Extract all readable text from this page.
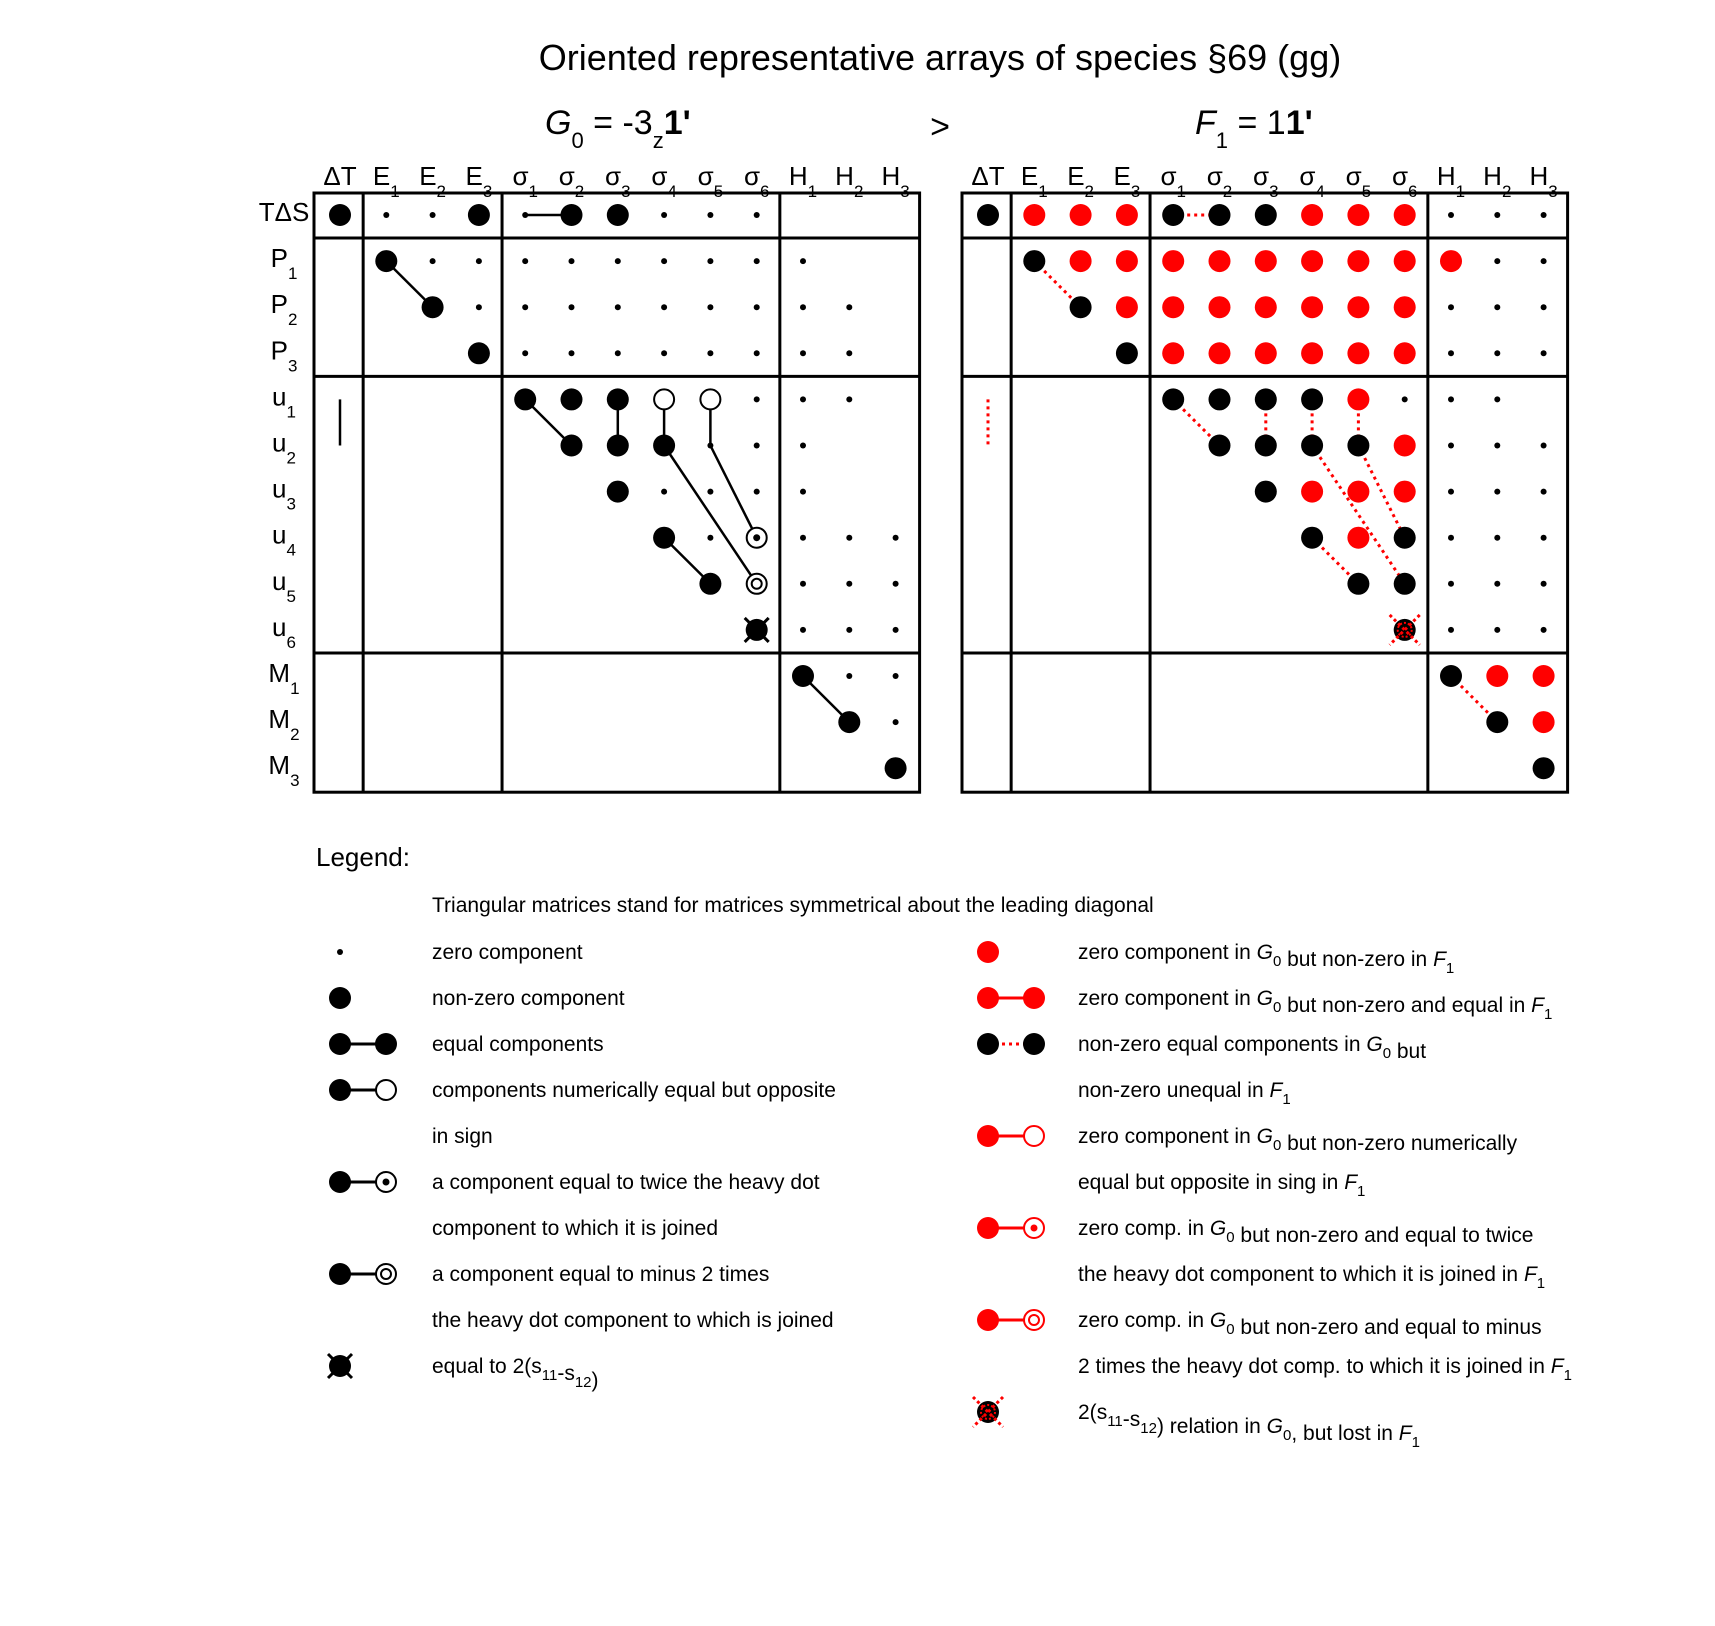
Oriented representative arrays of species §69 (gg)
$G_0 = -3_z1'$	>	$F_1 = 11'$
ΔT $E_1$
$E_2$
$E_3$
$\sigma_1$
$\sigma_2$
$\sigma_3$
$\sigma_4$
$\sigma_5$
$\sigma_6$
$H_1$
$H_2$
$H_3$
TΔS
$P_1$
$P_2$
$P_3$
$u_1$
$u_2$
$u_3$
$u_4$
$u_5$
$u_6$
$M_1$
$M_2$
$M_3$
ΔT $E_1$
$E_2$
$E_3$
$\sigma_1$
$\sigma_2$
$\sigma_3$
$\sigma_4$
$\sigma_5$
$\sigma_6$
$H_1$
$H_2$
$H_3$
Legend:
Triangular matrices stand for matrices symmetrical about the leading diagonal
zero component
non-zero component
equal components
components numerically equal but opposite
in sign
a component equal to twice the heavy dot
component to which it is joined
a component equal to minus 2 times
the heavy dot component to which is joined
equal to $2(s_{11}-s_{12})$
zero component in $G_0$ but non-zero in $F_1$
zero component in $G_0$ but non-zero and equal in $F_1$
non-zero equal components in $G_0$ but
non-zero unequal in $F_1$
zero component in $G_0$ but non-zero numerically
equal but opposite in sing in $F_1$
zero comp. in $G_0$ but non-zero and equal to twice
the heavy dot component to which it is joined in $F_1$
zero comp. in $G_0$ but non-zero and equal to minus
2 times the heavy dot comp. to which it is joined in $F_1$
$2(s_{11}-s_{12})$ relation in $G_0$, but lost in $F_1$
